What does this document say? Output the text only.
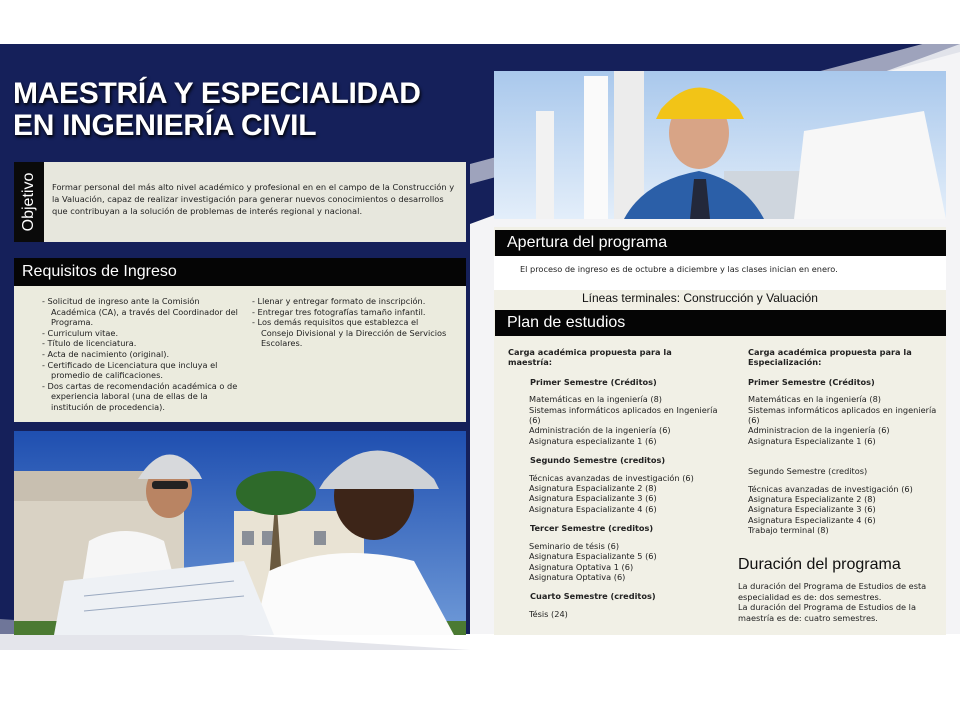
MAESTRÍA Y ESPECIALIDAD
EN INGENIERÍA CIVIL
Objetivo Formar personal del más alto nivel académico y profesional en en el campo de la Construcción y la Valuación, capaz de realizar investigación para generar nuevos conocimientos o desarrollos que contribuyan a la solución de problemas de interés regional y nacional.
Requisitos de Ingreso
- Solicitud de ingreso ante la Comisión Académica (CA), a través del Coordinador del Programa.
- Curriculum vitae.
- Título de licenciatura.
- Acta de nacimiento (original).
- Certificado de Licenciatura que incluya el promedio de calificaciones.
- Dos cartas de recomendación académica o de experiencia laboral (una de ellas de la institución de procedencia).
- Llenar y entregar formato de inscripción.
- Entregar tres fotografías tamaño infantil.
- Los demás requisitos que establezca el Consejo Divisional y la Dirección de Servicios Escolares.
Apertura del programa
El proceso de ingreso es de octubre a diciembre y las clases inician en enero.
Líneas terminales: Construcción y Valuación
Plan de estudios
Carga académica propuesta para la maestría:
Primer Semestre (Créditos)
Matemáticas en la ingeniería (8)
Sistemas informáticos aplicados en Ingeniería (6)
Administración de la ingeniería (6)
Asignatura especializante 1 (6)
Segundo Semestre (creditos)
Técnicas avanzadas de investigación (6)
Asignatura Espacializante 2 (8)
Asignatura Espacializante 3 (6)
Asignatura Espacializante 4 (6)
Tercer Semestre (creditos)
Seminario de tésis (6)
Asignatura Espacializante 5 (6)
Asignatura Optativa 1 (6)
Asignatura Optativa (6)
Cuarto Semestre (creditos)
Tésis (24)
Carga académica propuesta para la Especialización:
Primer Semestre (Créditos)
Matemáticas en la ingeniería (8)
Sistemas informáticos aplicados en ingeniería (6)
Administracion de la ingeniería (6)
Asignatura Especializante 1 (6)
Segundo Semestre (creditos)
Técnicas avanzadas de investigación (6)
Asignatura Especializante 2 (8)
Asignatura Especializante 3 (6)
Asignatura Especializante 4 (6)
Trabajo terminal (8)
Duración del programa
La duración del Programa de Estudios de esta especialidad es de: dos semestres.
La duración del Programa de Estudios de la maestría es de: cuatro semestres.
